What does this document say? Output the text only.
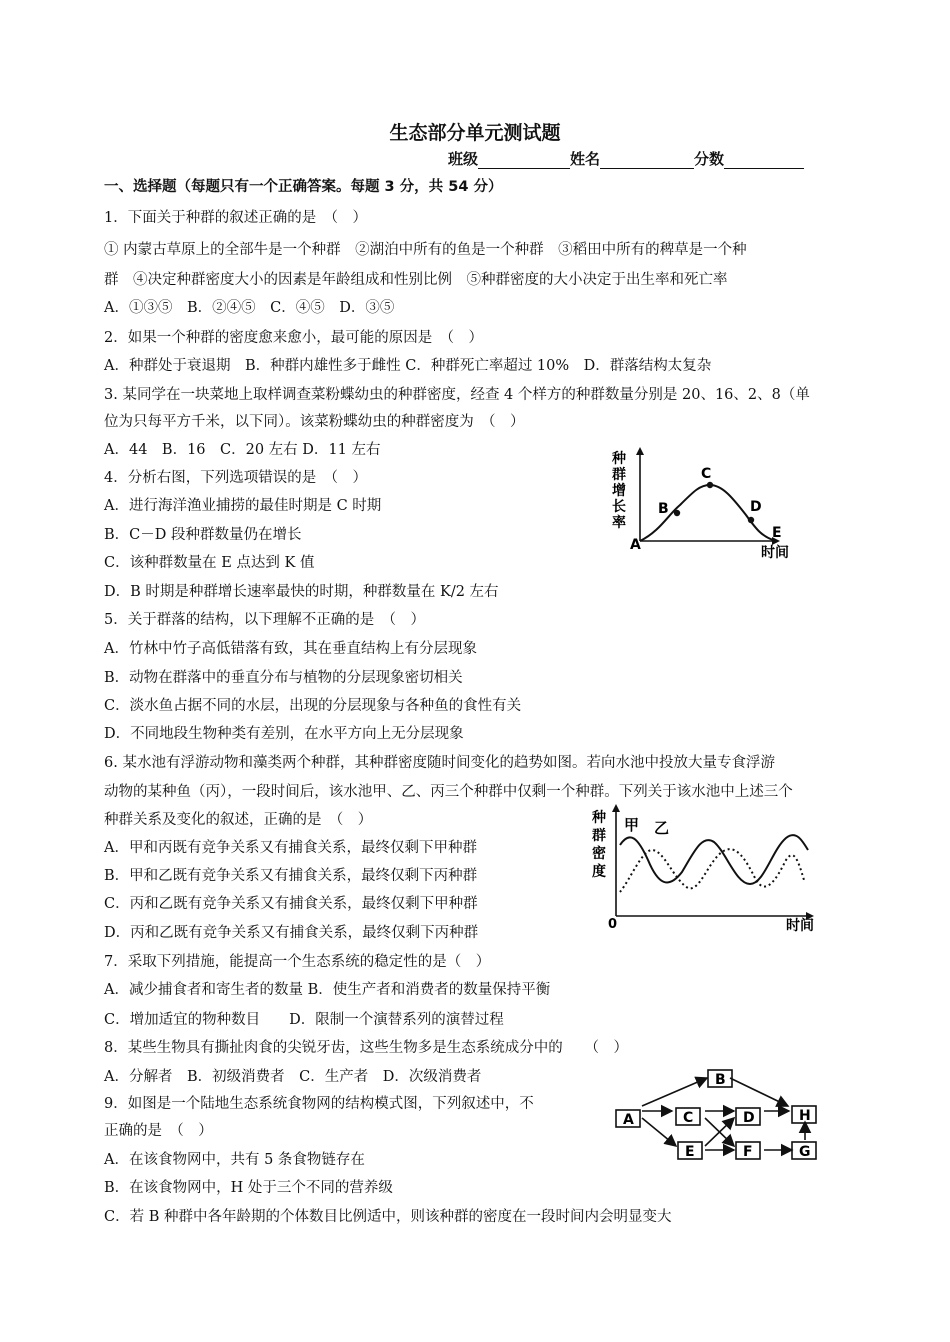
生态部分单元测试题
班级	姓名	分数
一、选择题（每题只有一个正确答案。每题 3 分，共 54 分）
1．下面关于种群的叙述正确的是　（　）
① 内蒙古草原上的全部牛是一个种群　②湖泊中所有的鱼是一个种群　③稻田中所有的稗草是一个种
群　④决定种群密度大小的因素是年龄组成和性别比例　⑤种群密度的大小决定于出生率和死亡率
A．①③⑤　B．②④⑤　C．④⑤　D．③⑤
2．如果一个种群的密度愈来愈小，最可能的原因是　（　）
A．种群处于衰退期　B．种群内雄性多于雌性 C．种群死亡率超过 10%　D．群落结构太复杂
3. 某同学在一块菜地上取样调查菜粉蝶幼虫的种群密度，经查 4 个样方的种群数量分别是 20、16、2、8（单
位为只每平方千米，以下同）。该菜粉蝶幼虫的种群密度为　（　）
A．44　B．16　C．20 左右 D．11 左右
4．分析右图，下列选项错误的是　（　）
A．进行海洋渔业捕捞的最佳时期是 C 时期
B．C－D 段种群数量仍在增长
C．该种群数量在 E 点达到 K 值
D．B 时期是种群增长速率最快的时期，种群数量在 K/2 左右
5．关于群落的结构，以下理解不正确的是　（　）
A．竹林中竹子高低错落有致，其在垂直结构上有分层现象
B．动物在群落中的垂直分布与植物的分层现象密切相关
C．淡水鱼占据不同的水层，出现的分层现象与各种鱼的食性有关
D．不同地段生物种类有差别，在水平方向上无分层现象
6. 某水池有浮游动物和藻类两个种群，其种群密度随时间变化的趋势如图。若向水池中投放大量专食浮游
动物的某种鱼（丙），一段时间后，该水池甲、乙、丙三个种群中仅剩一个种群。下列关于该水池中上述三个
种群关系及变化的叙述，正确的是　（　）
A．甲和丙既有竞争关系又有捕食关系，最终仅剩下甲种群
B．甲和乙既有竞争关系又有捕食关系，最终仅剩下丙种群
C．丙和乙既有竞争关系又有捕食关系，最终仅剩下甲种群
D．丙和乙既有竞争关系又有捕食关系，最终仅剩下丙种群
7．采取下列措施，能提高一个生态系统的稳定性的是（　）
A．减少捕食者和寄生者的数量 B．使生产者和消费者的数量保持平衡
C．增加适宜的物种数目　　D．限制一个演替系列的演替过程
8．某些生物具有撕扯肉食的尖锐牙齿，这些生物多是生态系统成分中的　　（　）
A．分解者　B．初级消费者　C．生产者　D．次级消费者
9．如图是一个陆地生态系统食物网的结构模式图，下列叙述中，不
正确的是　（　）
A．在该食物网中，共有 5 条食物链存在
B．在该食物网中，H 处于三个不同的营养级
C．若 B 种群中各年龄期的个体数目比例适中，则该种群的密度在一段时间内会明显变大
种
群
增
长
率
A
B
C
D
E
时间
种
群
密
度
甲 乙
0	时间
A
B
C	D
E	F	G
H
